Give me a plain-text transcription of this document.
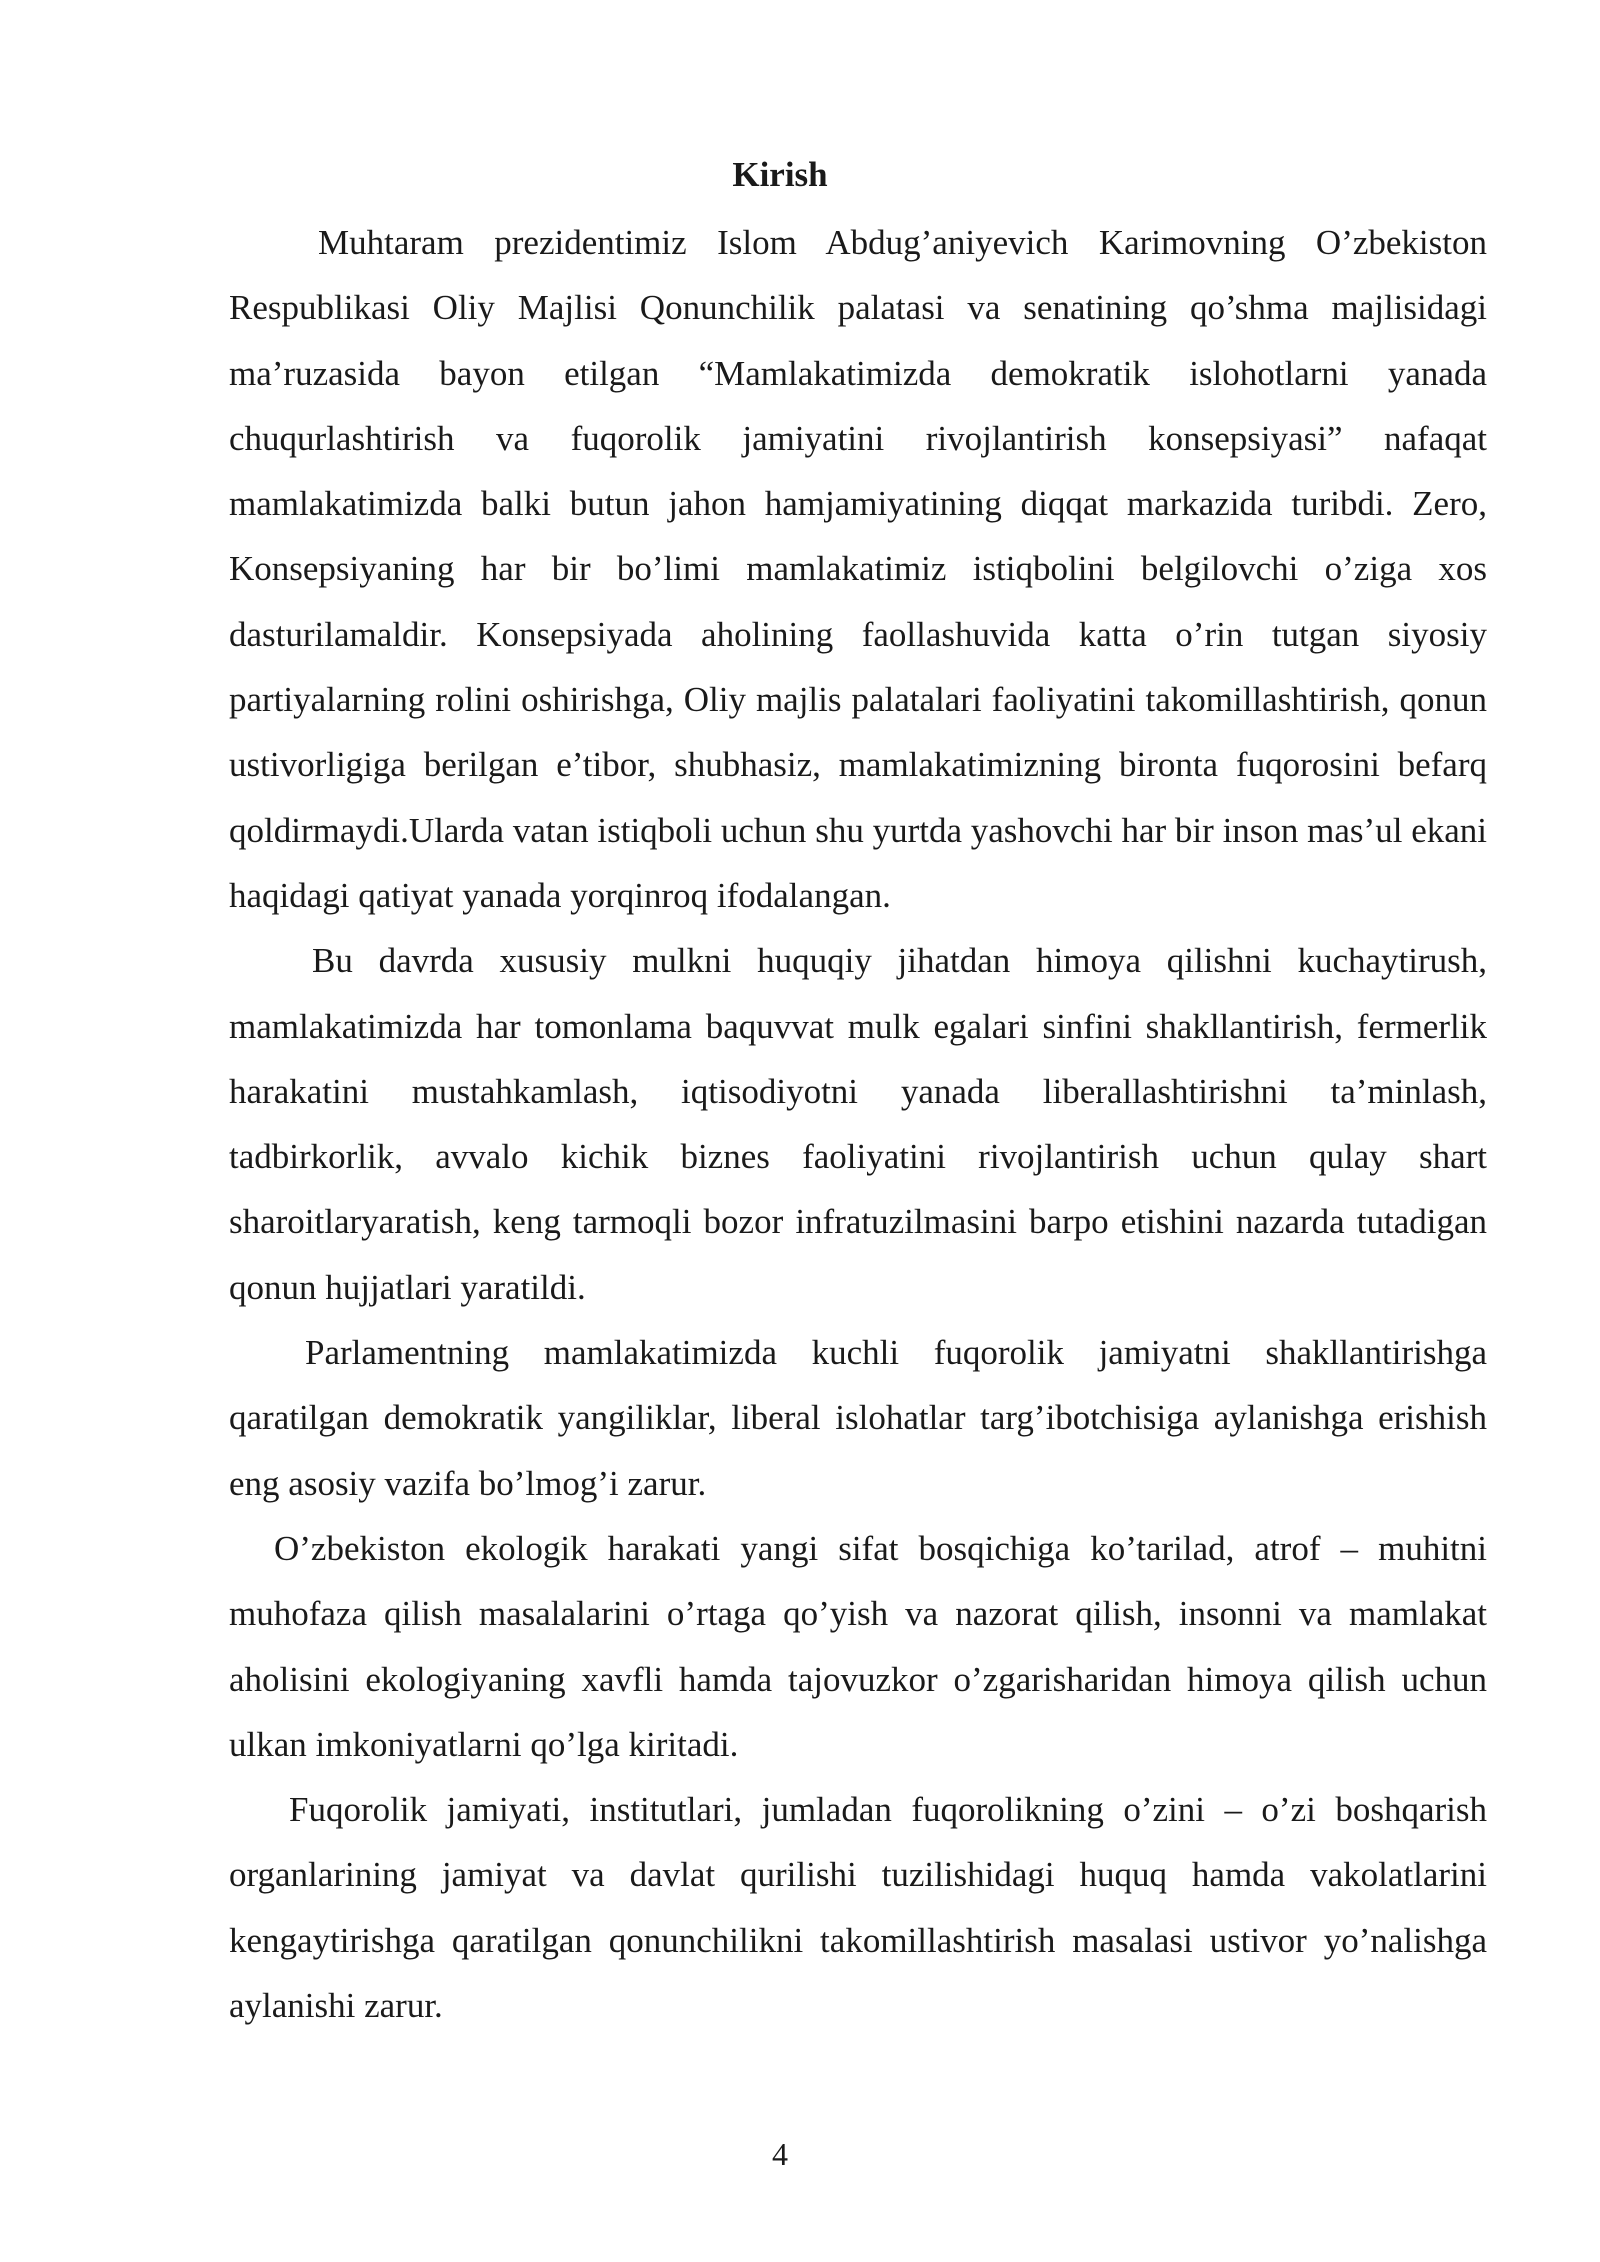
Kirish

Muhtaram prezidentimiz Islom Abdug’aniyevich Karimovning O’zbekiston Respublikasi Oliy Majlisi Qonunchilik palatasi va senatining qo’shma majlisidagi ma’ruzasida bayon etilgan “Mamlakatimizda demokratik islohotlarni yanada chuqurlashtirish va fuqorolik jamiyatini rivojlantirish konsepsiyasi” nafaqat mamlakatimizda balki butun jahon hamjamiyatining diqqat markazida turibdi. Zero, Konsepsiyaning har bir bo’limi mamlakatimiz istiqbolini belgilovchi o’ziga xos dasturilamaldir. Konsepsiyada aholining faollashuvida katta o’rin tutgan siyosiy partiyalarning rolini oshirishga, Oliy majlis palatalari faoliyatini takomillashtirish, qonun ustivorligiga berilgan e’tibor, shubhasiz, mamlakatimizning bironta fuqorosini befarq qoldirmaydi.Ularda vatan istiqboli uchun shu yurtda yashovchi har bir inson mas’ul ekani haqidagi qatiyat yanada yorqinroq ifodalangan.

Bu davrda xususiy mulkni huquqiy jihatdan himoya qilishni kuchaytirush, mamlakatimizda har tomonlama baquvvat mulk egalari sinfini shakllantirish, fermerlik harakatini mustahkamlash, iqtisodiyotni yanada liberallashtirishni ta’minlash, tadbirkorlik, avvalo kichik biznes faoliyatini rivojlantirish uchun qulay shart sharoitlaryaratish, keng tarmoqli bozor infratuzilmasini barpo etishini nazarda tutadigan qonun hujjatlari yaratildi.

Parlamentning mamlakatimizda kuchli fuqorolik jamiyatni shakllantirishga qaratilgan demokratik yangiliklar, liberal islohatlar targ’ibotchisiga aylanishga erishish eng asosiy vazifa bo’lmog’i zarur.

O’zbekiston ekologik harakati yangi sifat bosqichiga ko’tarilad, atrof – muhitni muhofaza qilish masalalarini o’rtaga qo’yish va nazorat qilish, insonni va mamlakat aholisini ekologiyaning xavfli hamda tajovuzkor o’zgarisharidan himoya qilish uchun ulkan imkoniyatlarni qo’lga kiritadi.

Fuqorolik jamiyati, institutlari, jumladan fuqorolikning o’zini – o’zi boshqarish organlarining jamiyat va davlat qurilishi tuzilishidagi huquq hamda vakolatlarini kengaytirishga qaratilgan qonunchilikni takomillashtirish masalasi ustivor yo’nalishga aylanishi zarur.

4
